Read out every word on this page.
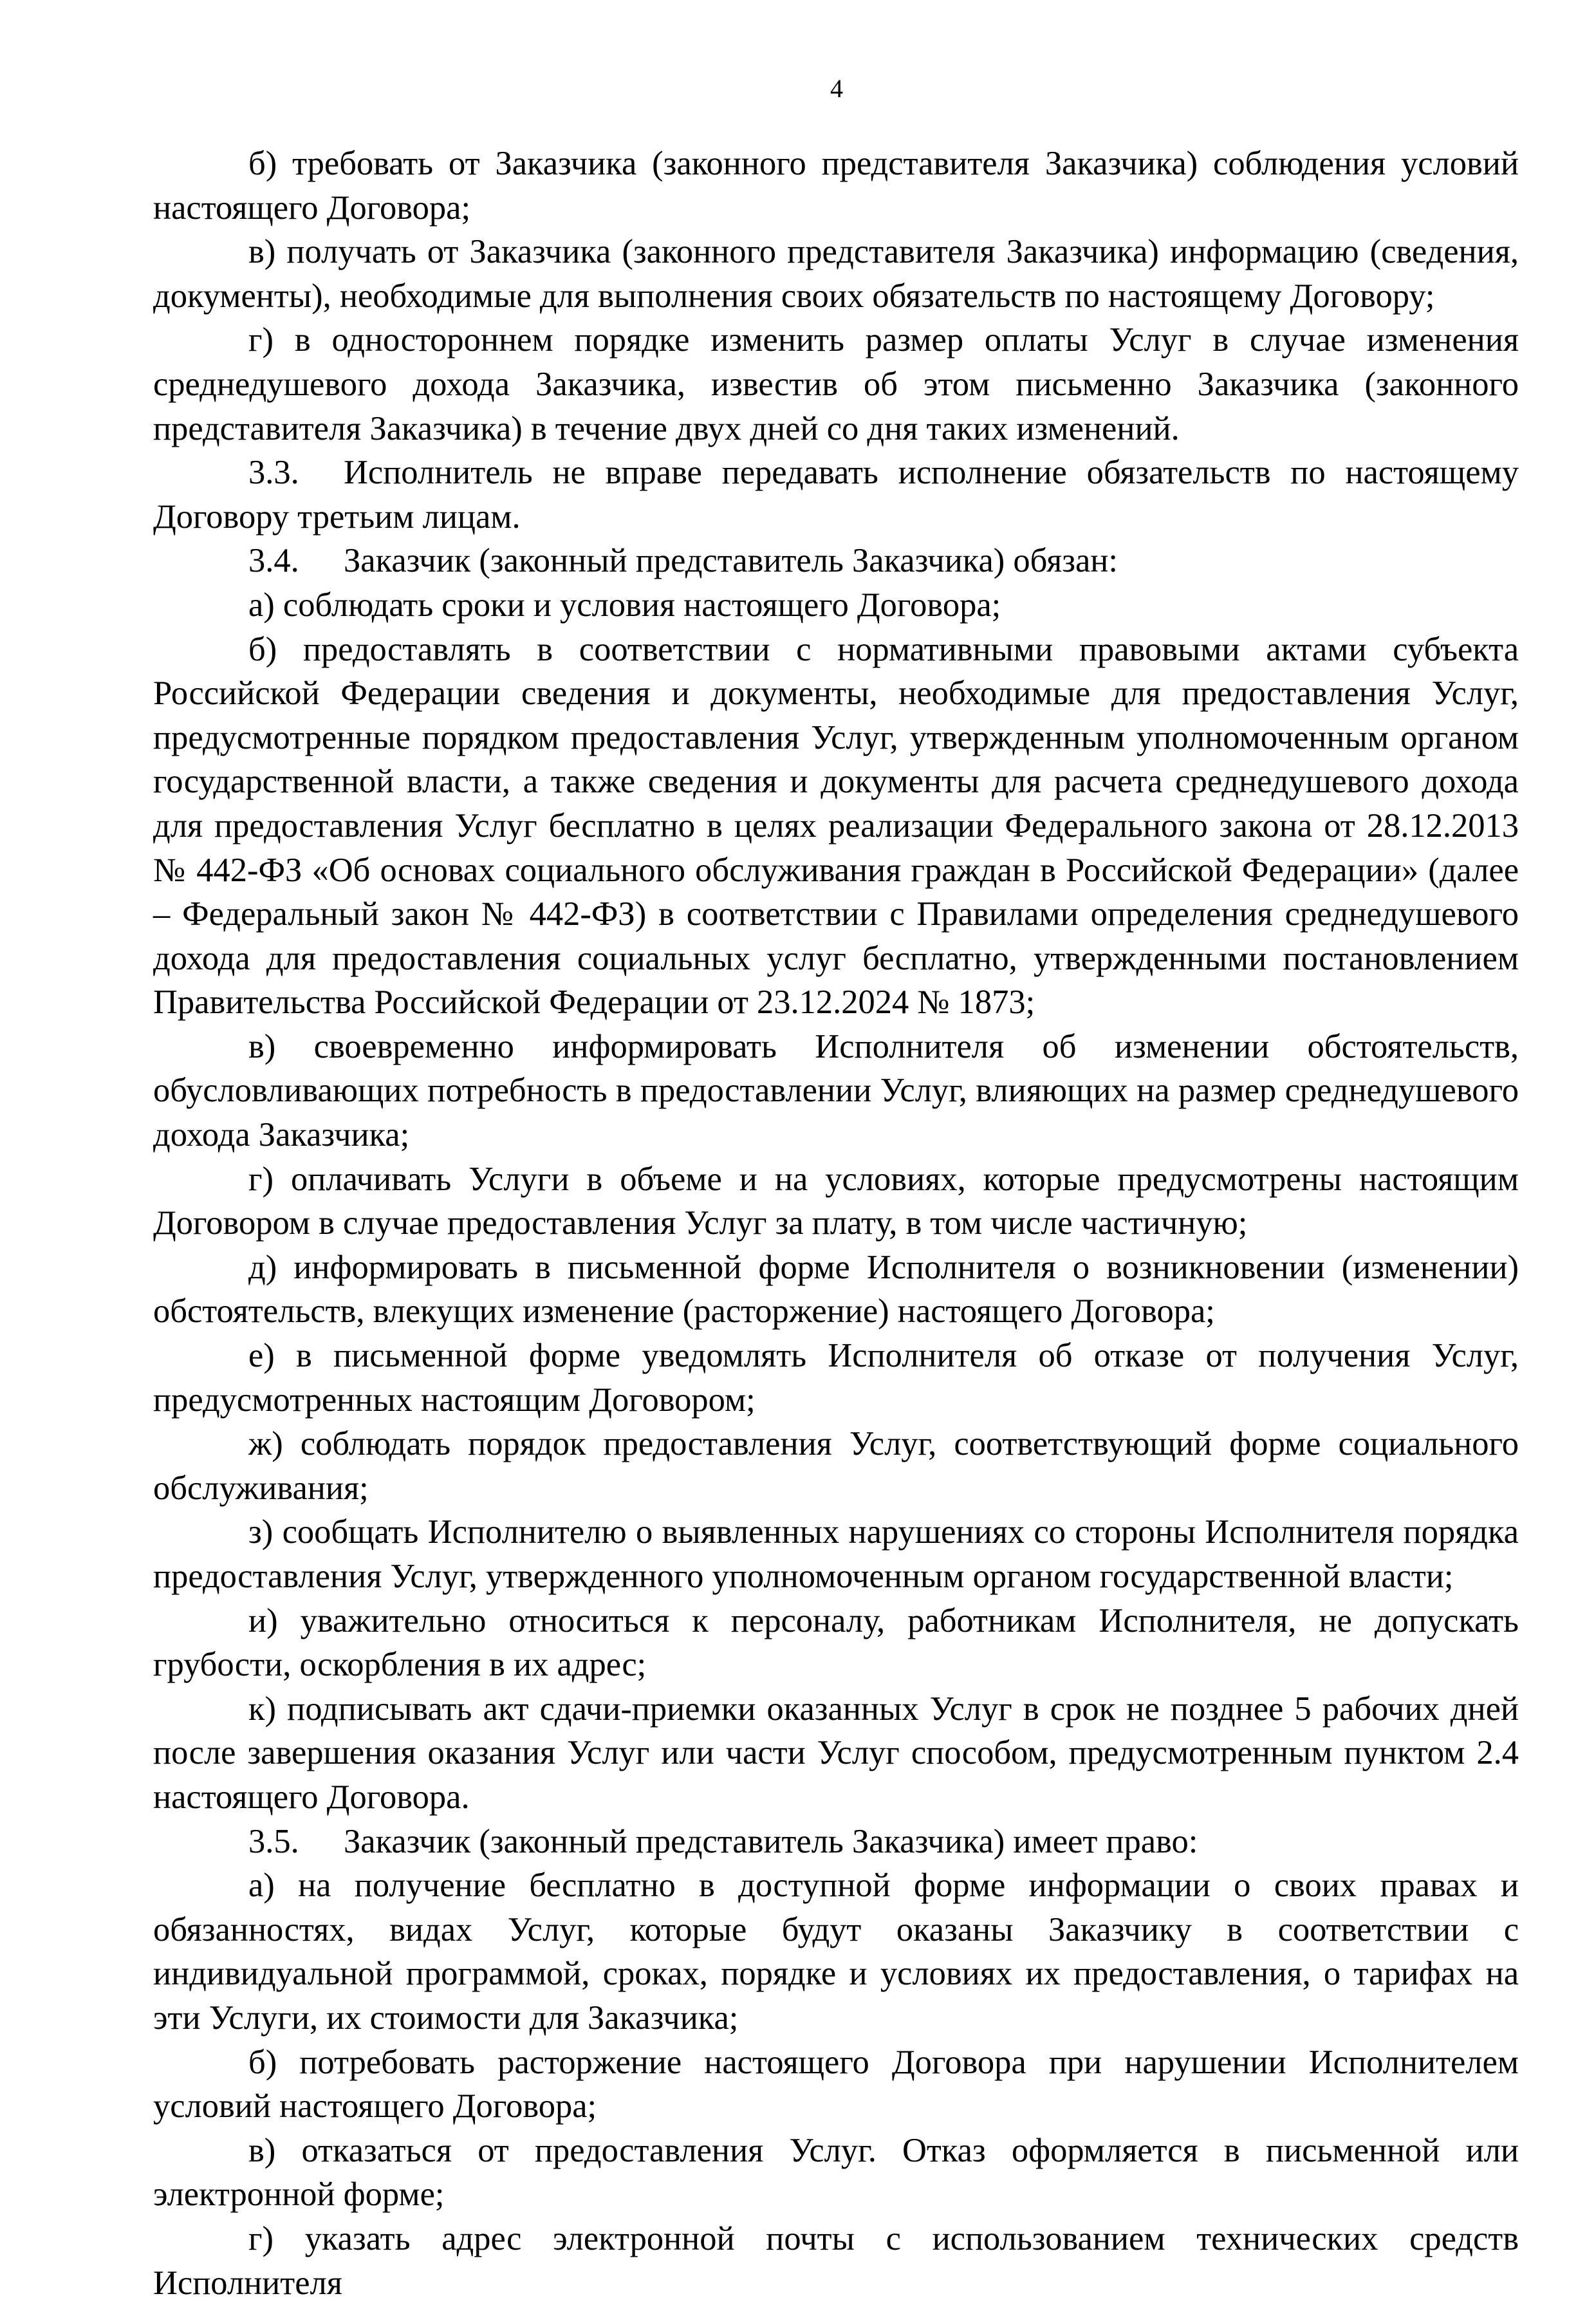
4

б) требовать от Заказчика (законного представителя Заказчика) соблюдения условий настоящего Договора;

в) получать от Заказчика (законного представителя Заказчика) информацию (сведения, документы), необходимые для выполнения своих обязательств по настоящему Договору;

г) в одностороннем порядке изменить размер оплаты Услуг в случае изменения среднедушевого дохода Заказчика, известив об этом письменно Заказчика (законного представителя Заказчика) в течение двух дней со дня таких изменений.

3.3. Исполнитель не вправе передавать исполнение обязательств по настоящему Договору третьим лицам.

3.4. Заказчик (законный представитель Заказчика) обязан:

а) соблюдать сроки и условия настоящего Договора;

б) предоставлять в соответствии с нормативными правовыми актами субъекта Российской Федерации сведения и документы, необходимые для предоставления Услуг, предусмотренные порядком предоставления Услуг, утвержденным уполномоченным органом государственной власти, а также сведения и документы для расчета среднедушевого дохода для предоставления Услуг бесплатно в целях реализации Федерального закона от 28.12.2013 № 442-ФЗ «Об основах социального обслуживания граждан в Российской Федерации» (далее – Федеральный закон № 442-ФЗ) в соответствии с Правилами определения среднедушевого дохода для предоставления социальных услуг бесплатно, утвержденными постановлением Правительства Российской Федерации от 23.12.2024 № 1873;

в) своевременно информировать Исполнителя об изменении обстоятельств, обусловливающих потребность в предоставлении Услуг, влияющих на размер среднедушевого дохода Заказчика;

г) оплачивать Услуги в объеме и на условиях, которые предусмотрены настоящим Договором в случае предоставления Услуг за плату, в том числе частичную;

д) информировать в письменной форме Исполнителя о возникновении (изменении) обстоятельств, влекущих изменение (расторжение) настоящего Договора;

е) в письменной форме уведомлять Исполнителя об отказе от получения Услуг, предусмотренных настоящим Договором;

ж) соблюдать порядок предоставления Услуг, соответствующий форме социального обслуживания;

з) сообщать Исполнителю о выявленных нарушениях со стороны Исполнителя порядка предоставления Услуг, утвержденного уполномоченным органом государственной власти;

и) уважительно относиться к персоналу, работникам Исполнителя, не допускать грубости, оскорбления в их адрес;

к) подписывать акт сдачи-приемки оказанных Услуг в срок не позднее 5 рабочих дней после завершения оказания Услуг или части Услуг способом, предусмотренным пунктом 2.4 настоящего Договора.

3.5. Заказчик (законный представитель Заказчика) имеет право:

а) на получение бесплатно в доступной форме информации о своих правах и обязанностях, видах Услуг, которые будут оказаны Заказчику в соответствии с индивидуальной программой, сроках, порядке и условиях их предоставления, о тарифах на эти Услуги, их стоимости для Заказчика;

б) потребовать расторжение настоящего Договора при нарушении Исполнителем условий настоящего Договора;

в) отказаться от предоставления Услуг. Отказ оформляется в письменной или электронной форме;

г) указать адрес электронной почты с использованием технических средств Исполнителя
